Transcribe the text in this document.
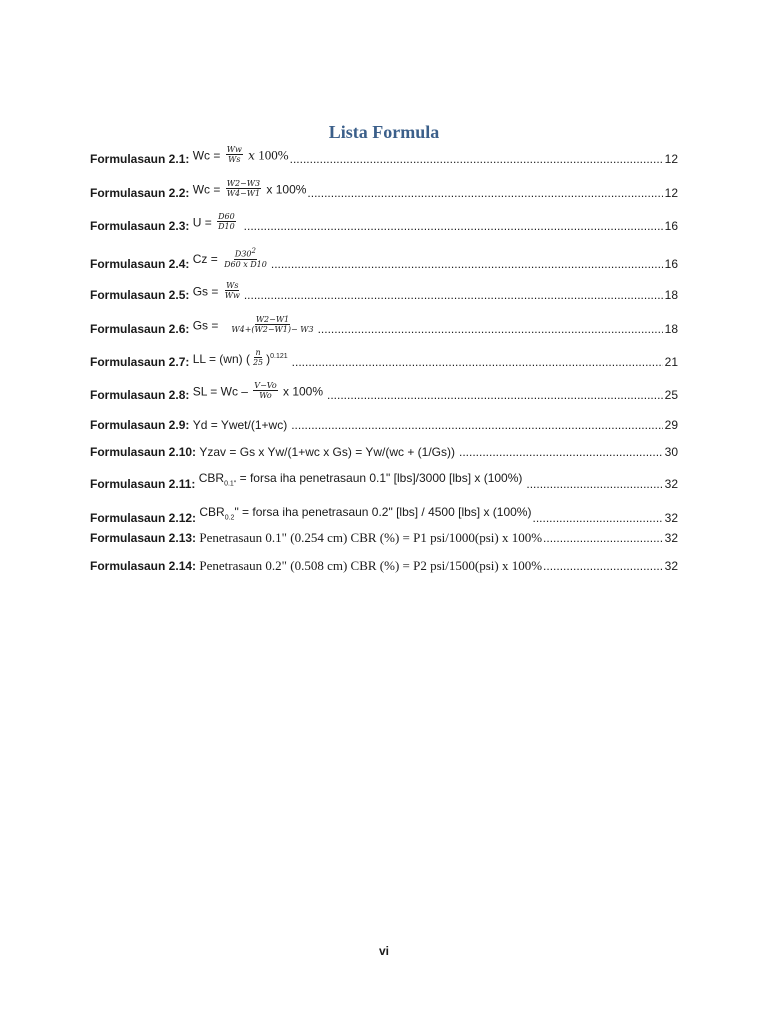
Lista Formula
Formulasaun 2.1:
$Wc = \frac{Ww}{Ws}$ x 100% .....	12
Formulasaun 2.2:
$Wc = \frac{W2-W3}{W4-W1}$ x 100% .....	12
Formulasaun 2.3:
$U = \frac{D60}{D10}$ .....	16
Formulasaun 2.4:
$Cz = \frac{D302}{\text{D60 x D10}}$ .....	16
Formulasaun 2.5:
$Gs = \frac{Ws}{Ww}$ .....	18
Formulasaun 2.6:
$Gs = \frac{W2-W1}{W4+(W2-W1)- W3}$ .....	18
Formulasaun 2.7:
LL = (wn) ( $\frac{n}{25} )^{0.121}$ .....	21
Formulasaun 2.8:
SL = Wc – $\frac{V-Vo}{Wo}$ x 100% .....	25
Formulasaun 2.9:
Yd = Ywet/(1+wc) .....	29
Formulasaun 2.10:
Yzav = Gs x Yw/(1+wc x Gs) = Yw/(wc + (1/Gs)) .....	30
Formulasaun 2.11:
$CBR_{0.1"}$ = forsa iha penetrasaun 0.1" [lbs]/3000 [lbs] x (100%) .....	32
Formulasaun 2.12:
$CBR_{0.2}$" = forsa iha penetrasaun 0.2" [lbs] / 4500 [lbs] x (100%) .....	32
Formulasaun 2.13:
Penetrasaun 0.1" (0.254 cm) CBR (%) = P1 psi/1000(psi) x 100% .....	32
Formulasaun 2.14:
Penetrasaun 0.2" (0.508 cm) CBR (%) = P2 psi/1500(psi) x 100% .....	32
vi
